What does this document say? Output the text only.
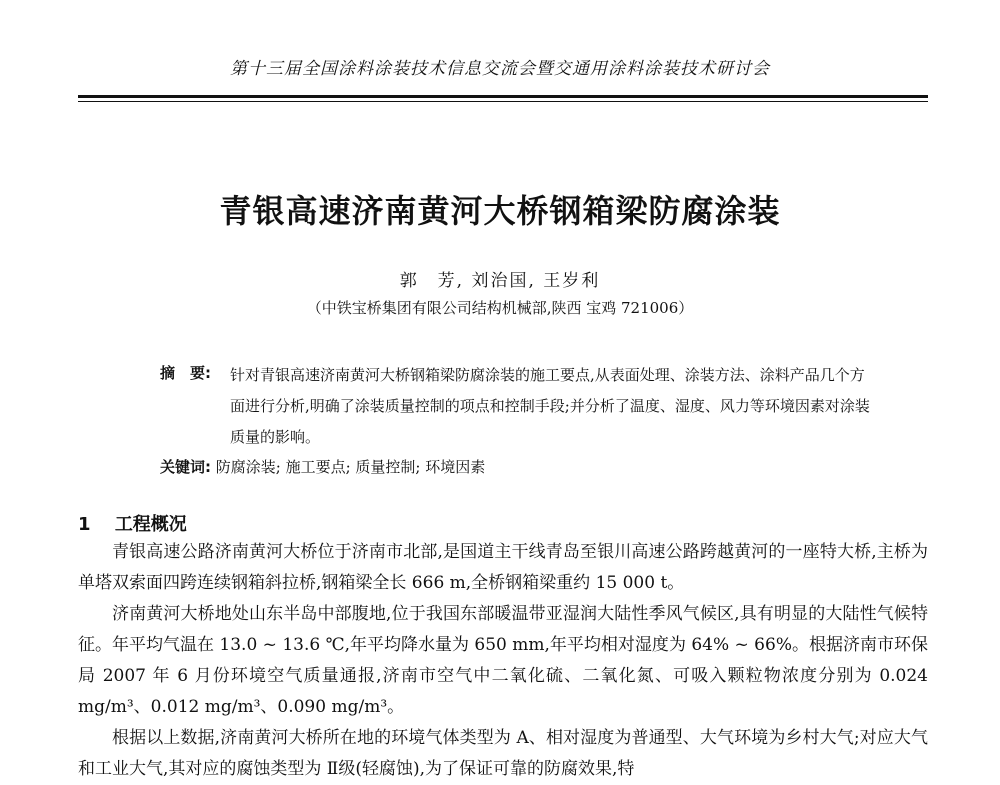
第十三届全国涂料涂装技术信息交流会暨交通用涂料涂装技术研讨会
青银高速济南黄河大桥钢箱梁防腐涂装
郭　芳, 刘治国, 王岁利
（中铁宝桥集团有限公司结构机械部,陕西 宝鸡 721006）
摘　要: 针对青银高速济南黄河大桥钢箱梁防腐涂装的施工要点,从表面处理、涂装方法、涂料产品几个方面进行分析,明确了涂装质量控制的项点和控制手段;并分析了温度、湿度、风力等环境因素对涂装质量的影响。
关键词: 防腐涂装; 施工要点; 质量控制; 环境因素
1 工程概况

青银高速公路济南黄河大桥位于济南市北部,是国道主干线青岛至银川高速公路跨越黄河的一座特大桥,主桥为单塔双索面四跨连续钢箱斜拉桥,钢箱梁全长 666 m,全桥钢箱梁重约 15 000 t。

济南黄河大桥地处山东半岛中部腹地,位于我国东部暖温带亚湿润大陆性季风气候区,具有明显的大陆性气候特征。年平均气温在 13.0 ~ 13.6 ℃,年平均降水量为 650 mm,年平均相对湿度为 64% ~ 66%。根据济南市环保局 2007 年 6 月份环境空气质量通报,济南市空气中二氧化硫、二氧化氮、可吸入颗粒物浓度分别为 0.024 mg/m³、0.012 mg/m³、0.090 mg/m³。

根据以上数据,济南黄河大桥所在地的环境气体类型为 A、相对湿度为普通型、大气环境为乡村大气;对应大气和工业大气,其对应的腐蚀类型为 Ⅱ级(轻腐蚀),为了保证可靠的防腐效果,特
